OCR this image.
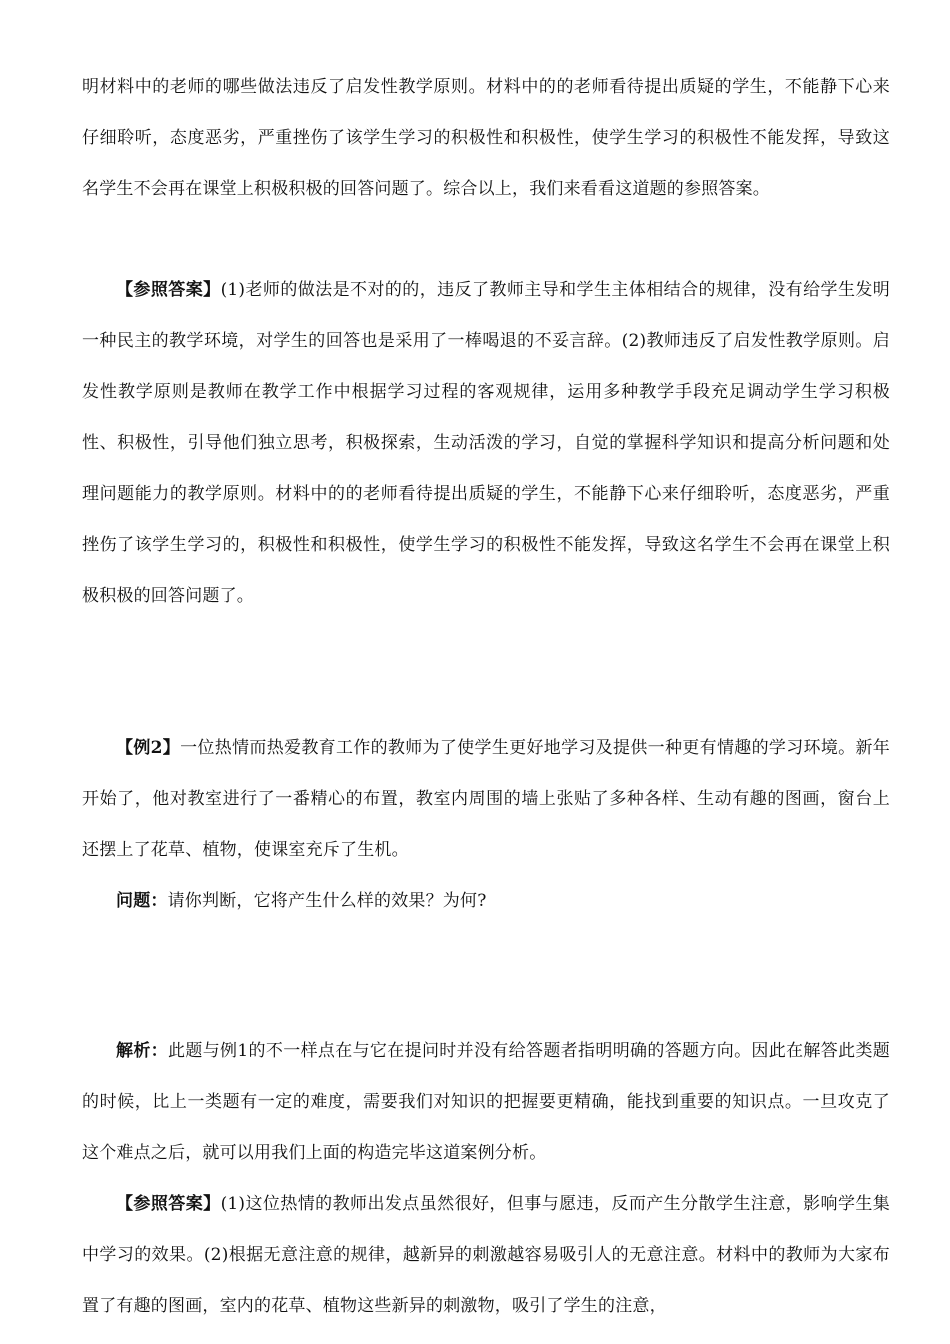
明材料中的老师的哪些做法违反了启发性教学原则。材料中的的老师看待提出质疑的学生，不能静下心来仔细聆听，态度恶劣，严重挫伤了该学生学习的积极性和积极性，使学生学习的积极性不能发挥，导致这名学生不会再在课堂上积极积极的回答问题了。综合以上，我们来看看这道题的参照答案。

【参照答案】(1)老师的做法是不对的的，违反了教师主导和学生主体相结合的规律，没有给学生发明一种民主的教学环境，对学生的回答也是采用了一棒喝退的不妥言辞。(2)教师违反了启发性教学原则。启发性教学原则是教师在教学工作中根据学习过程的客观规律，运用多种教学手段充足调动学生学习积极性、积极性，引导他们独立思考，积极探索，生动活泼的学习，自觉的掌握科学知识和提高分析问题和处理问题能力的教学原则。材料中的的老师看待提出质疑的学生，不能静下心来仔细聆听，态度恶劣，严重挫伤了该学生学习的，积极性和积极性，使学生学习的积极性不能发挥，导致这名学生不会再在课堂上积极积极的回答问题了。

【例2】一位热情而热爱教育工作的教师为了使学生更好地学习及提供一种更有情趣的学习环境。新年开始了，他对教室进行了一番精心的布置，教室内周围的墙上张贴了多种各样、生动有趣的图画，窗台上还摆上了花草、植物，使课室充斥了生机。

问题：请你判断，它将产生什么样的效果？为何?

解析：此题与例1的不一样点在与它在提问时并没有给答题者指明明确的答题方向。因此在解答此类题的时候，比上一类题有一定的难度，需要我们对知识的把握要更精确，能找到重要的知识点。一旦攻克了这个难点之后，就可以用我们上面的构造完毕这道案例分析。

【参照答案】(1)这位热情的教师出发点虽然很好，但事与愿违，反而产生分散学生注意，影响学生集中学习的效果。(2)根据无意注意的规律，越新异的刺激越容易吸引人的无意注意。材料中的教师为大家布置了有趣的图画，室内的花草、植物这些新异的刺激物，吸引了学生的注意，
